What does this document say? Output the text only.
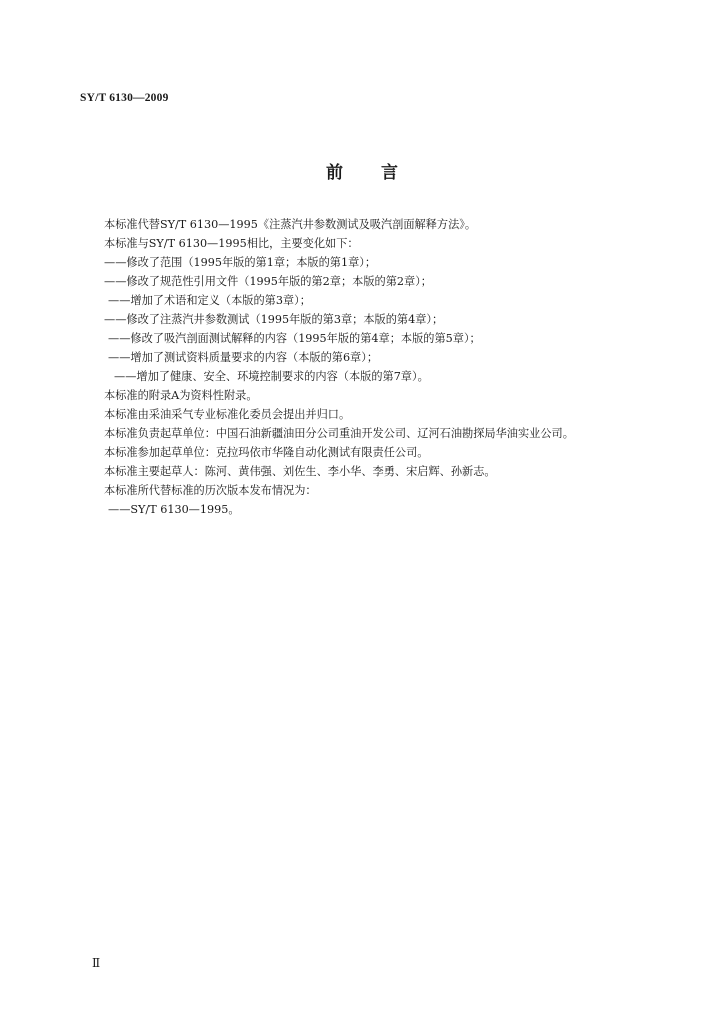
SY/T 6130—2009
前言
本标准代替SY/T 6130—1995《注蒸汽井参数测试及吸汽剖面解释方法》。
本标准与SY/T 6130—1995相比，主要变化如下：
——修改了范围（1995年版的第1章；本版的第1章）；
——修改了规范性引用文件（1995年版的第2章；本版的第2章）；
——增加了术语和定义（本版的第3章）；
——修改了注蒸汽井参数测试（1995年版的第3章；本版的第4章）；
——修改了吸汽剖面测试解释的内容（1995年版的第4章；本版的第5章）；
——增加了测试资料质量要求的内容（本版的第6章）；
——增加了健康、安全、环境控制要求的内容（本版的第7章）。
本标准的附录A为资料性附录。
本标准由采油采气专业标准化委员会提出并归口。
本标准负责起草单位：中国石油新疆油田分公司重油开发公司、辽河石油勘探局华油实业公司。
本标准参加起草单位：克拉玛依市华隆自动化测试有限责任公司。
本标准主要起草人：陈河、黄伟强、刘佐生、李小华、李勇、宋启辉、孙新志。
本标准所代替标准的历次版本发布情况为：
——SY/T 6130—1995。
Ⅱ
